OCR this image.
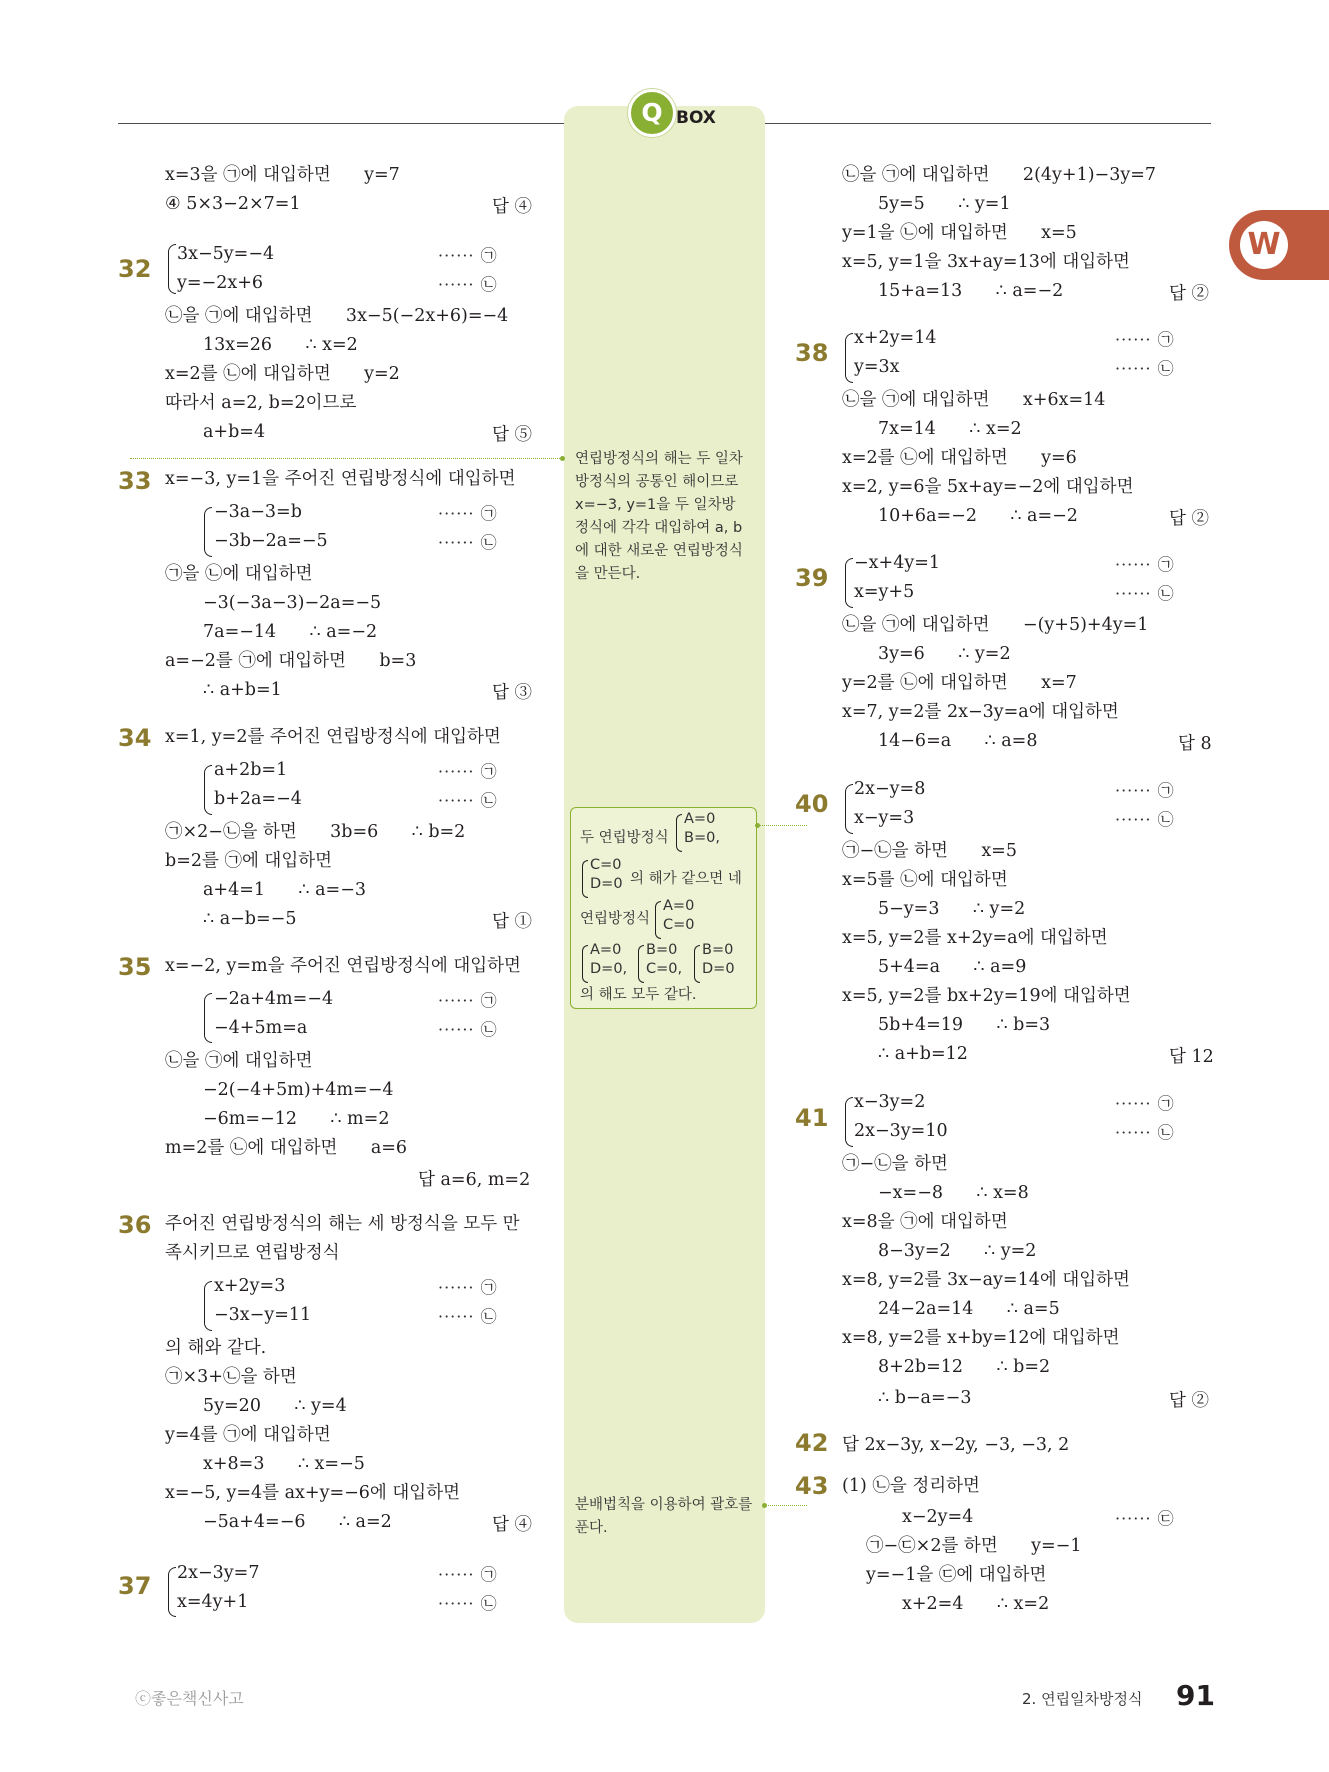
Q BOX
W
x=3을 ㉠에 대입하면      y=7
④ 5×3−2×7=1	답 ④
32
3x−5y=−4	······ ㉠
y=−2x+6	······ ㉡
㉡을 ㉠에 대입하면      3x−5(−2x+6)=−4
13x=26      ∴ x=2
x=2를 ㉡에 대입하면      y=2
따라서 a=2, b=2이므로
a+b=4	답 ⑤
33 x=−3, y=1을 주어진 연립방정식에 대입하면
−3a−3=b	······ ㉠
−3b−2a=−5	······ ㉡
㉠을 ㉡에 대입하면
−3(−3a−3)−2a=−5
7a=−14      ∴ a=−2
a=−2를 ㉠에 대입하면      b=3
∴ a+b=1	답 ③
34 x=1, y=2를 주어진 연립방정식에 대입하면
a+2b=1	······ ㉠
b+2a=−4	······ ㉡
㉠×2−㉡을 하면      3b=6      ∴ b=2
b=2를 ㉠에 대입하면
a+4=1      ∴ a=−3
∴ a−b=−5	답 ①
35 x=−2, y=m을 주어진 연립방정식에 대입하면
−2a+4m=−4	······ ㉠
−4+5m=a	······ ㉡
㉡을 ㉠에 대입하면
−2(−4+5m)+4m=−4
−6m=−12      ∴ m=2
m=2를 ㉡에 대입하면      a=6
답 a=6, m=2
36 주어진 연립방정식의 해는 세 방정식을 모두 만
족시키므로 연립방정식
x+2y=3	······ ㉠
−3x−y=11	······ ㉡
의 해와 같다.
㉠×3+㉡을 하면
5y=20      ∴ y=4
y=4를 ㉠에 대입하면
x+8=3      ∴ x=−5
x=−5, y=4를 ax+y=−6에 대입하면
−5a+4=−6      ∴ a=2	답 ④
37 2x−3y=7	······ ㉠
x=4y+1	······ ㉡
연립방정식의 해는 두 일차
방정식의 공통인 해이므로
x=−3, y=1을 두 일차방
정식에 각각 대입하여 a, b
에 대한 새로운 연립방정식
을 만든다.
두 연립방정식
A=0
B=0,
C=0
D=0 의 해가 같으면 네
연립방정식
A=0
C=0
A=0
D=0,
B=0
C=0,
B=0
D=0
의 해도 모두 같다.
분배법칙을 이용하여 괄호를
푼다.
㉡을 ㉠에 대입하면      2(4y+1)−3y=7
5y=5      ∴ y=1
y=1을 ㉡에 대입하면      x=5
x=5, y=1을 3x+ay=13에 대입하면
15+a=13      ∴ a=−2	답 ②
38
x+2y=14	······ ㉠
y=3x	······ ㉡
㉡을 ㉠에 대입하면      x+6x=14
7x=14      ∴ x=2
x=2를 ㉡에 대입하면      y=6
x=2, y=6을 5x+ay=−2에 대입하면
10+6a=−2      ∴ a=−2	답 ②
39
−x+4y=1	······ ㉠
x=y+5	······ ㉡
㉡을 ㉠에 대입하면      −(y+5)+4y=1
3y=6      ∴ y=2
y=2를 ㉡에 대입하면      x=7
x=7, y=2를 2x−3y=a에 대입하면
14−6=a      ∴ a=8	답 8
40
2x−y=8	······ ㉠
x−y=3	······ ㉡
㉠−㉡을 하면      x=5
x=5를 ㉡에 대입하면
5−y=3      ∴ y=2
x=5, y=2를 x+2y=a에 대입하면
5+4=a      ∴ a=9
x=5, y=2를 bx+2y=19에 대입하면
5b+4=19      ∴ b=3
∴ a+b=12	답 12
41
x−3y=2	······ ㉠
2x−3y=10	······ ㉡
㉠−㉡을 하면
−x=−8      ∴ x=8
x=8을 ㉠에 대입하면
8−3y=2      ∴ y=2
x=8, y=2를 3x−ay=14에 대입하면
24−2a=14      ∴ a=5
x=8, y=2를 x+by=12에 대입하면
8+2b=12      ∴ b=2
∴ b−a=−3	답 ②
42 답 2x−3y, x−2y, −3, −3, 2
43 (1) ㉡을 정리하면
x−2y=4	······ ㉢
㉠−㉢×2를 하면      y=−1
y=−1을 ㉢에 대입하면
x+2=4      ∴ x=2
ⓒ좋은책신사고	2. 연립일차방정식 91
